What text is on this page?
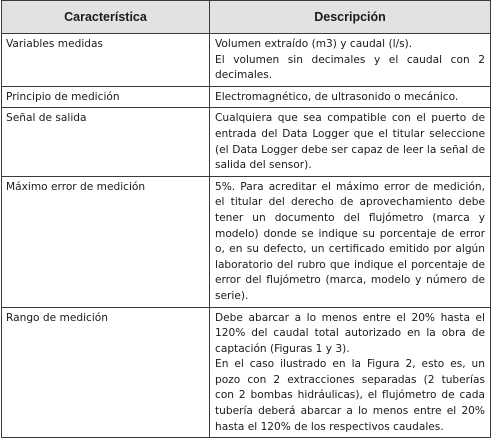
Característica	Descripción
Variables medidas	Volumen extraído (m3) y caudal (l/s).
El volumen sin decimales y el caudal con 2 decimales.

Principio de medición	Electromagnético, de ultrasonido o mecánico.

Señal de salida	Cualquiera que sea compatible con el puerto de entrada del Data Logger que el titular seleccione (el Data Logger debe ser capaz de leer la señal de salida del sensor).

Máximo error de medición	5%. Para acreditar el máximo error de medición, el titular del derecho de aprovechamiento debe tener un documento del flujómetro (marca y modelo) donde se indique su porcentaje de error o, en su defecto, un certificado emitido por algún laboratorio del rubro que indique el porcentaje de error del flujómetro (marca, modelo y número de serie).

Rango de medición	Debe abarcar a lo menos entre el 20% hasta el 120% del caudal total autorizado en la obra de captación (Figuras 1 y 3).
En el caso ilustrado en la Figura 2, esto es, un pozo con 2 extracciones separadas (2 tuberías con 2 bombas hidráulicas), el flujómetro de cada tubería deberá abarcar a lo menos entre el 20% hasta el 120% de los respectivos caudales.
